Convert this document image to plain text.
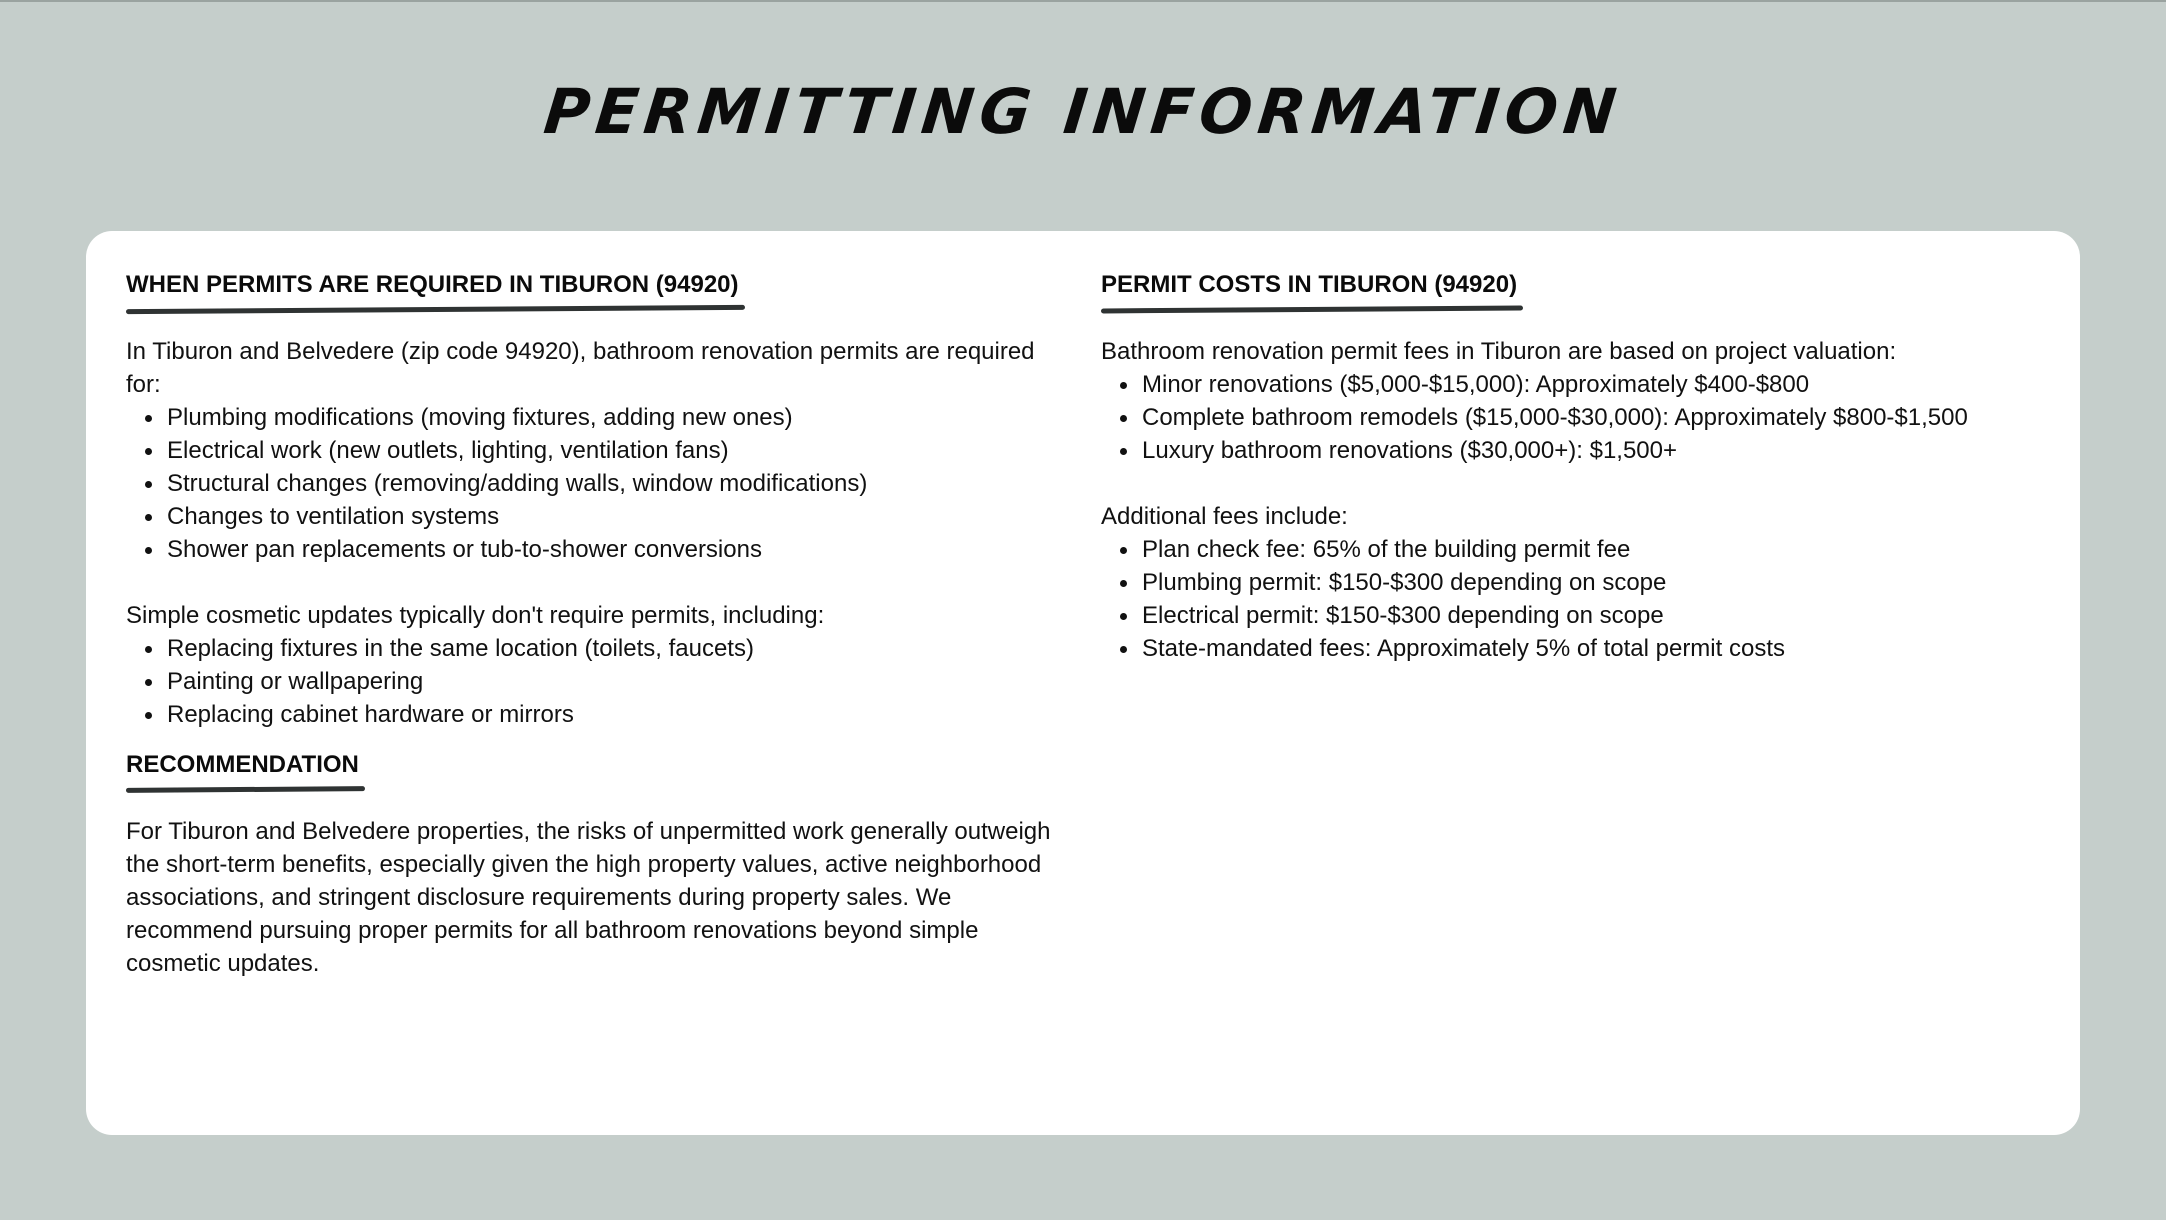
PERMITTING INFORMATION
WHEN PERMITS ARE REQUIRED IN TIBURON (94920)

In Tiburon and Belvedere (zip code 94920), bathroom renovation permits are required for:

Plumbing modifications (moving fixtures, adding new ones)
Electrical work (new outlets, lighting, ventilation fans)
Structural changes (removing/adding walls, window modifications)
Changes to ventilation systems
Shower pan replacements or tub-to-shower conversions

Simple cosmetic updates typically don't require permits, including:

Replacing fixtures in the same location (toilets, faucets)
Painting or wallpapering
Replacing cabinet hardware or mirrors
RECOMMENDATION

For Tiburon and Belvedere properties, the risks of unpermitted work generally outweigh the short-term benefits, especially given the high property values, active neighborhood associations, and stringent disclosure requirements during property sales. We recommend pursuing proper permits for all bathroom renovations beyond simple cosmetic updates.

PERMIT COSTS IN TIBURON (94920)

Bathroom renovation permit fees in Tiburon are based on project valuation:

Minor renovations ($5,000-$15,000): Approximately $400-$800
Complete bathroom remodels ($15,000-$30,000): Approximately $800-$1,500
Luxury bathroom renovations ($30,000+): $1,500+

Additional fees include:

Plan check fee: 65% of the building permit fee
Plumbing permit: $150-$300 depending on scope
Electrical permit: $150-$300 depending on scope
State-mandated fees: Approximately 5% of total permit costs
